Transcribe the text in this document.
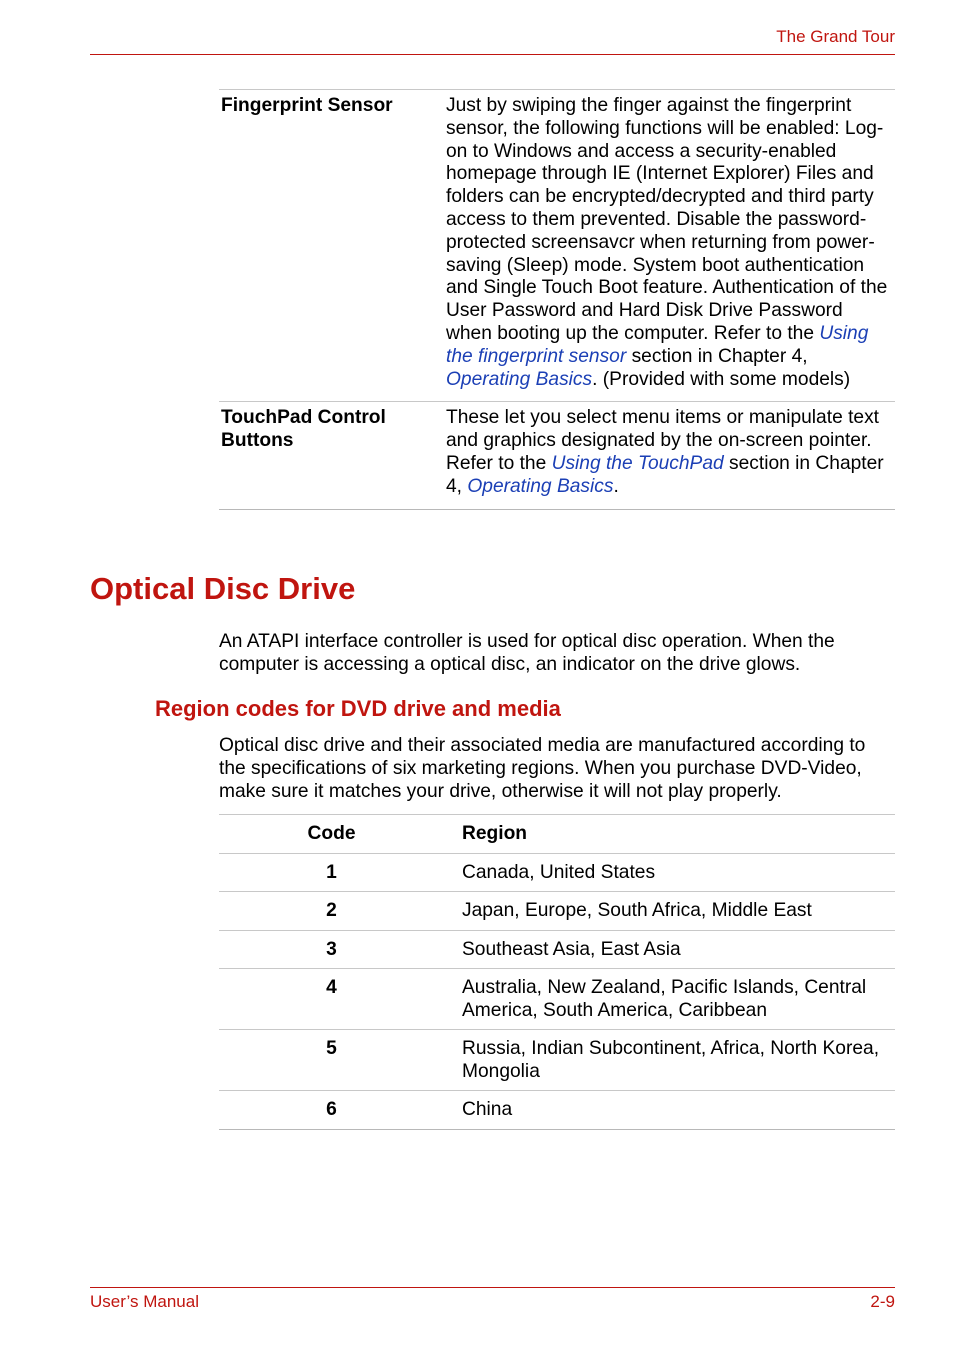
The Grand Tour
Fingerprint Sensor	Just by swiping the finger against the fingerprint sensor, the following functions will be enabled: Log-on to Windows and access a security-enabled homepage through IE (Internet Explorer) Files and folders can be encrypted/decrypted and third party access to them prevented. Disable the password-protected screensavcr when returning from power-saving (Sleep) mode. System boot authentication and Single Touch Boot feature. Authentication of the User Password and Hard Disk Drive Password when booting up the computer. Refer to the Using the fingerprint sensor section in Chapter 4, Operating Basics. (Provided with some models)
TouchPad Control Buttons	These let you select menu items or manipulate text and graphics designated by the on-screen pointer. Refer to the Using the TouchPad section in Chapter 4, Operating Basics.
Optical Disc Drive

An ATAPI interface controller is used for optical disc operation. When the computer is accessing a optical disc, an indicator on the drive glows.

Region codes for DVD drive and media

Optical disc drive and their associated media are manufactured according to the specifications of six marketing regions. When you purchase DVD-Video, make sure it matches your drive, otherwise it will not play properly.

Code	Region
1	Canada, United States
2	Japan, Europe, South Africa, Middle East
3	Southeast Asia, East Asia
4	Australia, New Zealand, Pacific Islands, Central America, South America, Caribbean
5	Russia, Indian Subcontinent, Africa, North Korea, Mongolia
6	China
User’s Manual	2-9
